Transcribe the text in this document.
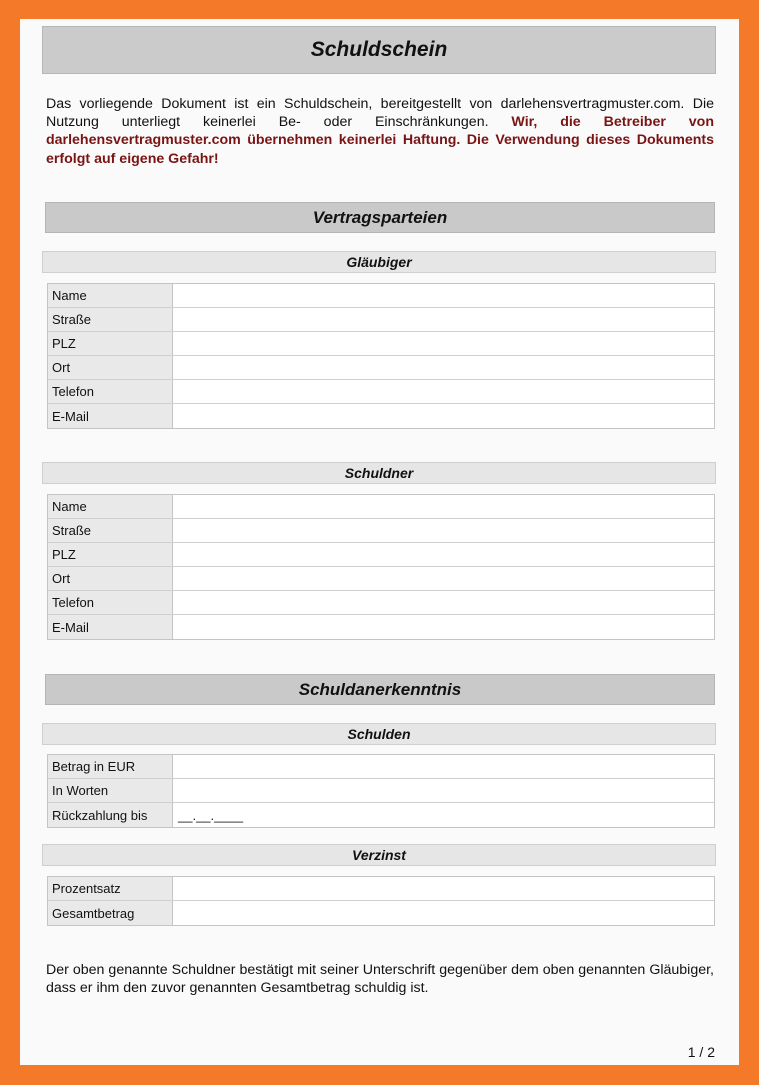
Schuldschein
Das vorliegende Dokument ist ein Schuldschein, bereitgestellt von darlehensvertragmuster.com. Die Nutzung unterliegt keinerlei Be- oder Einschränkungen. Wir, die Betreiber von darlehensvertragmuster.com übernehmen keinerlei Haftung. Die Verwendung dieses Dokuments erfolgt auf eigene Gefahr!
Vertragsparteien
Gläubiger
Name
Straße
PLZ
Ort
Telefon
E-Mail
Schuldner
Name
Straße
PLZ
Ort
Telefon
E-Mail
Schuldanerkenntnis
Schulden
Betrag in EUR
In Worten
Rückzahlung bis	__.__.____
Verzinst
Prozentsatz
Gesamtbetrag
Der oben genannte Schuldner bestätigt mit seiner Unterschrift gegenüber dem oben genannten Gläubiger, dass er ihm den zuvor genannten Gesamtbetrag schuldig ist.
1 / 2
